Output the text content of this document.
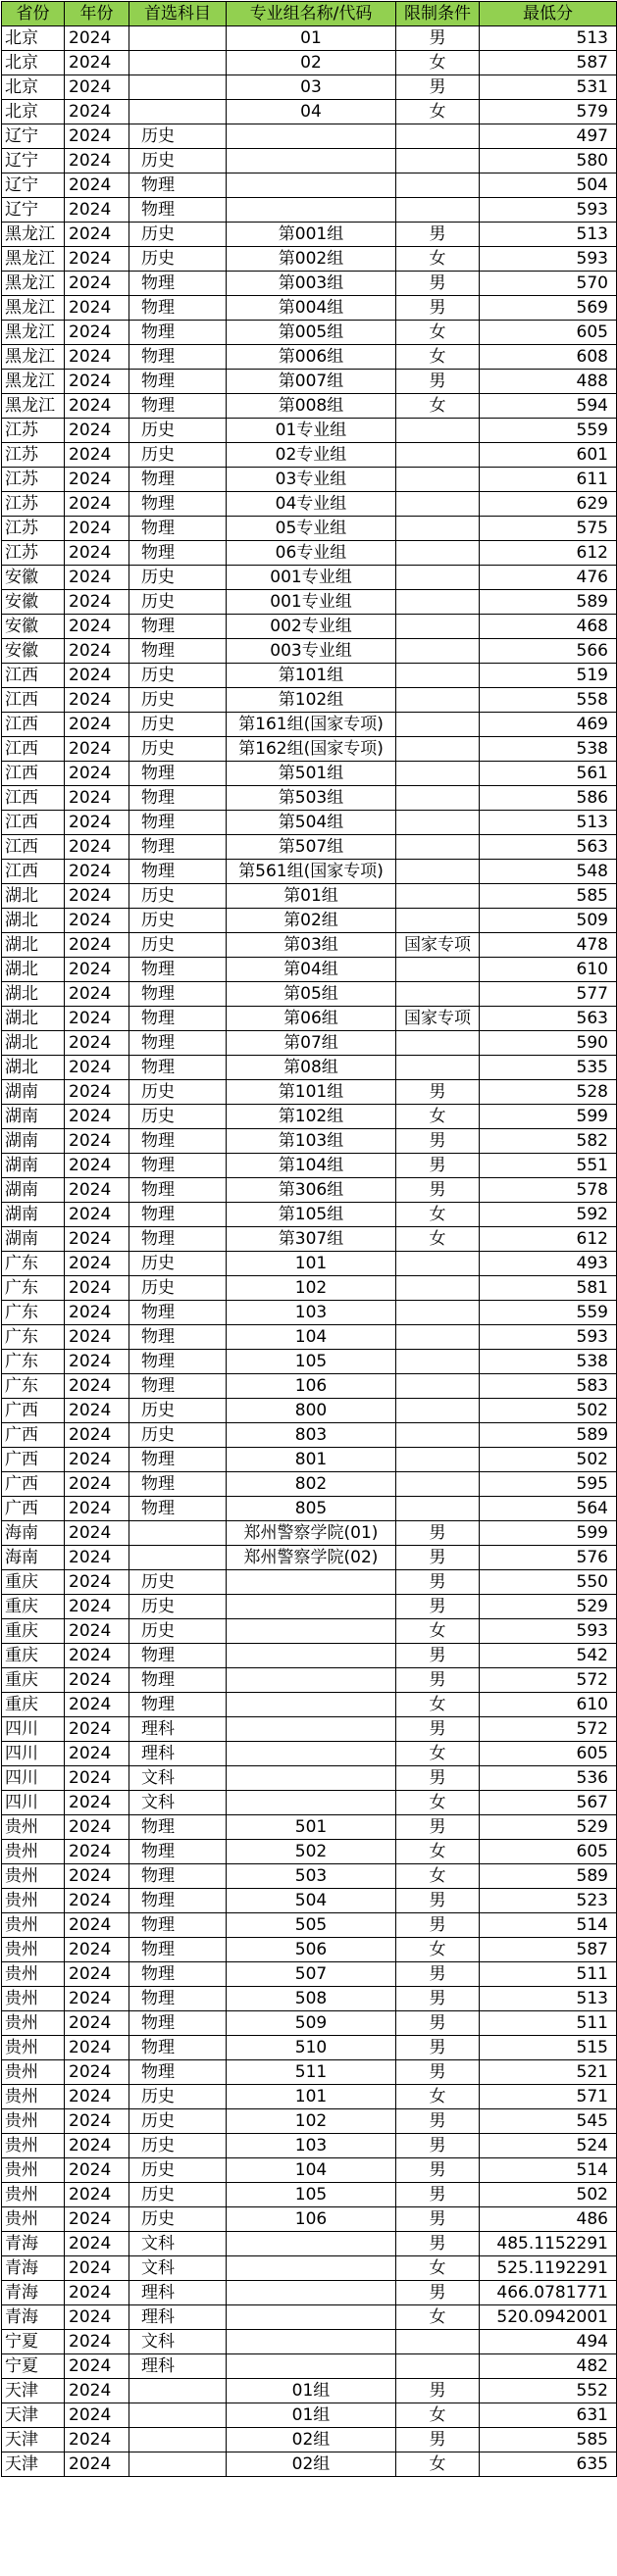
省份	年份	首选科目	专业组名称/代码	限制条件	最低分
北京	2024		01	男	513
北京	2024		02	女	587
北京	2024		03	男	531
北京	2024		04	女	579
辽宁	2024	历史			497
辽宁	2024	历史			580
辽宁	2024	物理			504
辽宁	2024	物理			593
黑龙江	2024	历史	第001组	男	513
黑龙江	2024	历史	第002组	女	593
黑龙江	2024	物理	第003组	男	570
黑龙江	2024	物理	第004组	男	569
黑龙江	2024	物理	第005组	女	605
黑龙江	2024	物理	第006组	女	608
黑龙江	2024	物理	第007组	男	488
黑龙江	2024	物理	第008组	女	594
江苏	2024	历史	01专业组		559
江苏	2024	历史	02专业组		601
江苏	2024	物理	03专业组		611
江苏	2024	物理	04专业组		629
江苏	2024	物理	05专业组		575
江苏	2024	物理	06专业组		612
安徽	2024	历史	001专业组		476
安徽	2024	历史	001专业组		589
安徽	2024	物理	002专业组		468
安徽	2024	物理	003专业组		566
江西	2024	历史	第101组		519
江西	2024	历史	第102组		558
江西	2024	历史	第161组(国家专项)		469
江西	2024	历史	第162组(国家专项)		538
江西	2024	物理	第501组		561
江西	2024	物理	第503组		586
江西	2024	物理	第504组		513
江西	2024	物理	第507组		563
江西	2024	物理	第561组(国家专项)		548
湖北	2024	历史	第01组		585
湖北	2024	历史	第02组		509
湖北	2024	历史	第03组	国家专项	478
湖北	2024	物理	第04组		610
湖北	2024	物理	第05组		577
湖北	2024	物理	第06组	国家专项	563
湖北	2024	物理	第07组		590
湖北	2024	物理	第08组		535
湖南	2024	历史	第101组	男	528
湖南	2024	历史	第102组	女	599
湖南	2024	物理	第103组	男	582
湖南	2024	物理	第104组	男	551
湖南	2024	物理	第306组	男	578
湖南	2024	物理	第105组	女	592
湖南	2024	物理	第307组	女	612
广东	2024	历史	101		493
广东	2024	历史	102		581
广东	2024	物理	103		559
广东	2024	物理	104		593
广东	2024	物理	105		538
广东	2024	物理	106		583
广西	2024	历史	800		502
广西	2024	历史	803		589
广西	2024	物理	801		502
广西	2024	物理	802		595
广西	2024	物理	805		564
海南	2024		郑州警察学院(01)	男	599
海南	2024		郑州警察学院(02)	男	576
重庆	2024	历史		男	550
重庆	2024	历史		男	529
重庆	2024	历史		女	593
重庆	2024	物理		男	542
重庆	2024	物理		男	572
重庆	2024	物理		女	610
四川	2024	理科		男	572
四川	2024	理科		女	605
四川	2024	文科		男	536
四川	2024	文科		女	567
贵州	2024	物理	501	男	529
贵州	2024	物理	502	女	605
贵州	2024	物理	503	女	589
贵州	2024	物理	504	男	523
贵州	2024	物理	505	男	514
贵州	2024	物理	506	女	587
贵州	2024	物理	507	男	511
贵州	2024	物理	508	男	513
贵州	2024	物理	509	男	511
贵州	2024	物理	510	男	515
贵州	2024	物理	511	男	521
贵州	2024	历史	101	女	571
贵州	2024	历史	102	男	545
贵州	2024	历史	103	男	524
贵州	2024	历史	104	男	514
贵州	2024	历史	105	男	502
贵州	2024	历史	106	男	486
青海	2024	文科		男	485.1152291
青海	2024	文科		女	525.1192291
青海	2024	理科		男	466.0781771
青海	2024	理科		女	520.0942001
宁夏	2024	文科			494
宁夏	2024	理科			482
天津	2024		01组	男	552
天津	2024		01组	女	631
天津	2024		02组	男	585
天津	2024		02组	女	635
